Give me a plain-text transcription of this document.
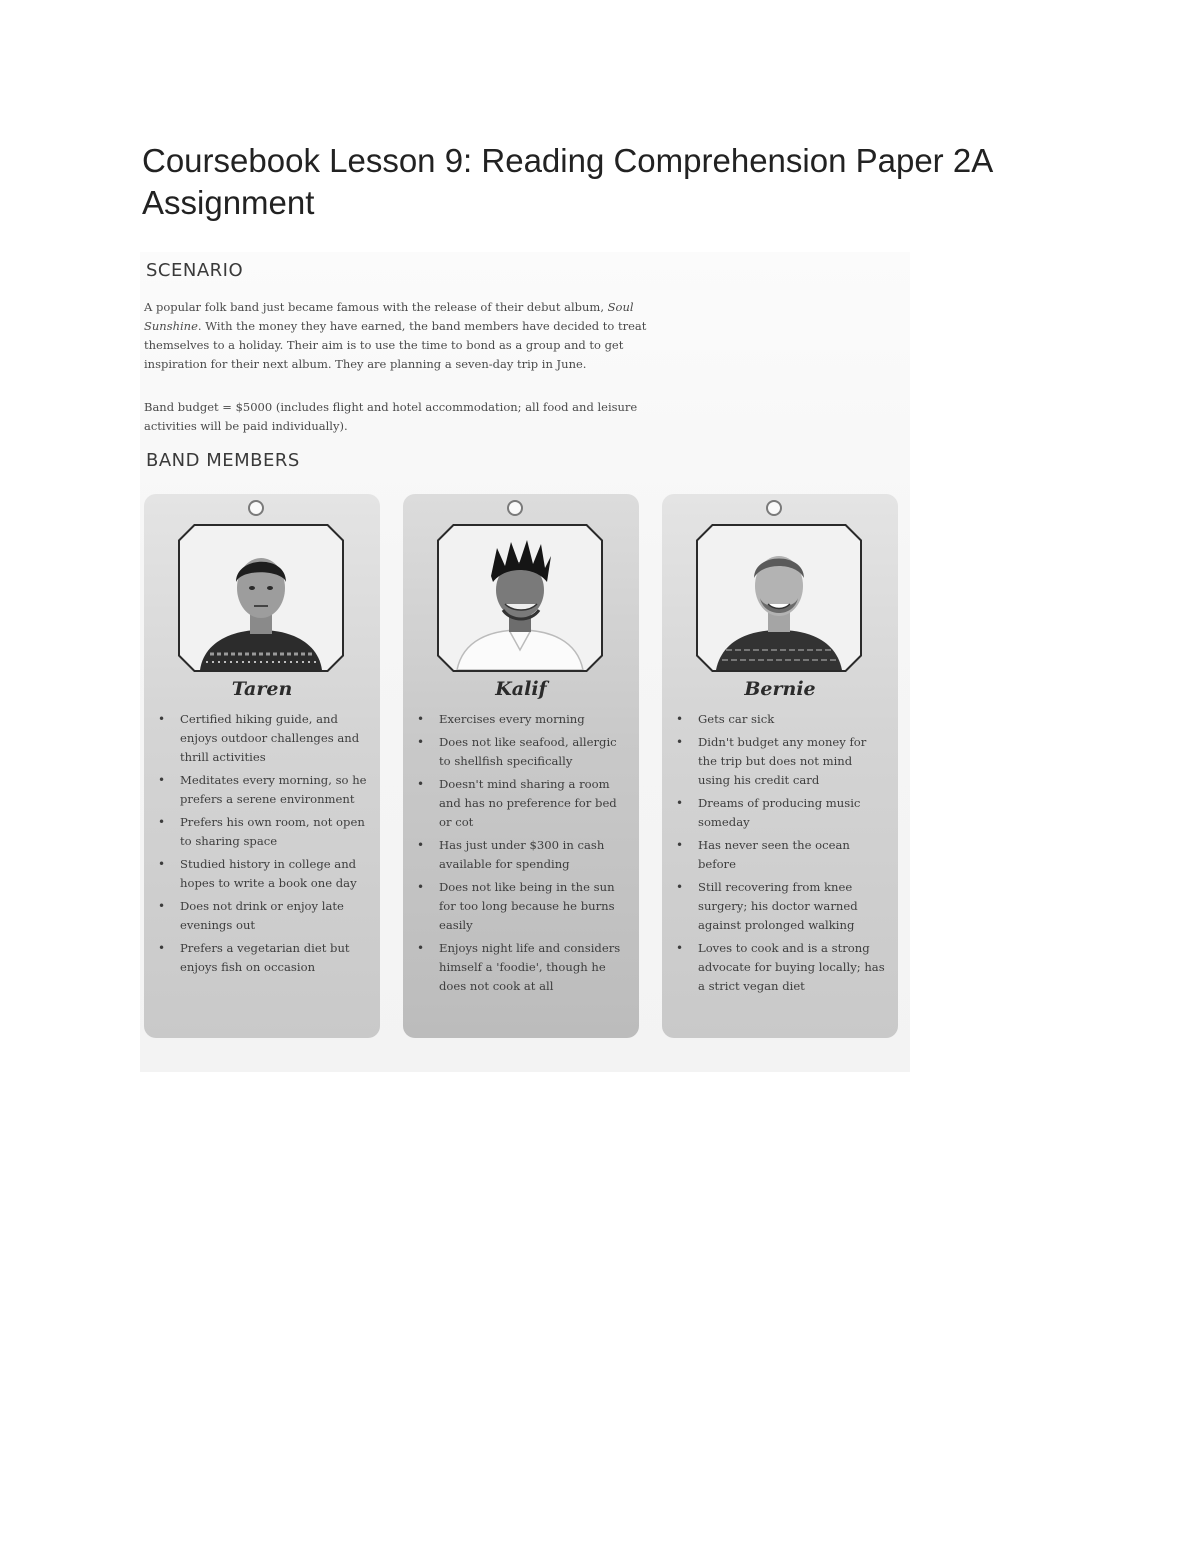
Coursebook Lesson 9: Reading Comprehension Paper 2A Assignment
SCENARIO

A popular folk band just became famous with the release of their debut album, Soul Sunshine. With the money they have earned, the band members have decided to treat themselves to a holiday. Their aim is to use the time to bond as a group and to get inspiration for their next album. They are planning a seven-day trip in June.

Band budget = $5000 (includes flight and hotel accommodation; all food and leisure activities will be paid individually).

BAND MEMBERS
Taren
• Certified hiking guide, and enjoys outdoor challenges and thrill activities
• Meditates every morning, so he prefers a serene environment
• Prefers his own room, not open to sharing space
• Studied history in college and hopes to write a book one day
• Does not drink or enjoy late evenings out
• Prefers a vegetarian diet but enjoys fish on occasion
Kalif
• Exercises every morning
• Does not like seafood, allergic to shellfish specifically
• Doesn't mind sharing a room and has no preference for bed or cot
• Has just under $300 in cash available for spending
• Does not like being in the sun for too long because he burns easily
• Enjoys night life and considers himself a 'foodie', though he does not cook at all
Bernie
• Gets car sick
• Didn't budget any money for the trip but does not mind using his credit card
• Dreams of producing music someday
• Has never seen the ocean before
• Still recovering from knee surgery; his doctor warned against prolonged walking
• Loves to cook and is a strong advocate for buying locally; has a strict vegan diet
